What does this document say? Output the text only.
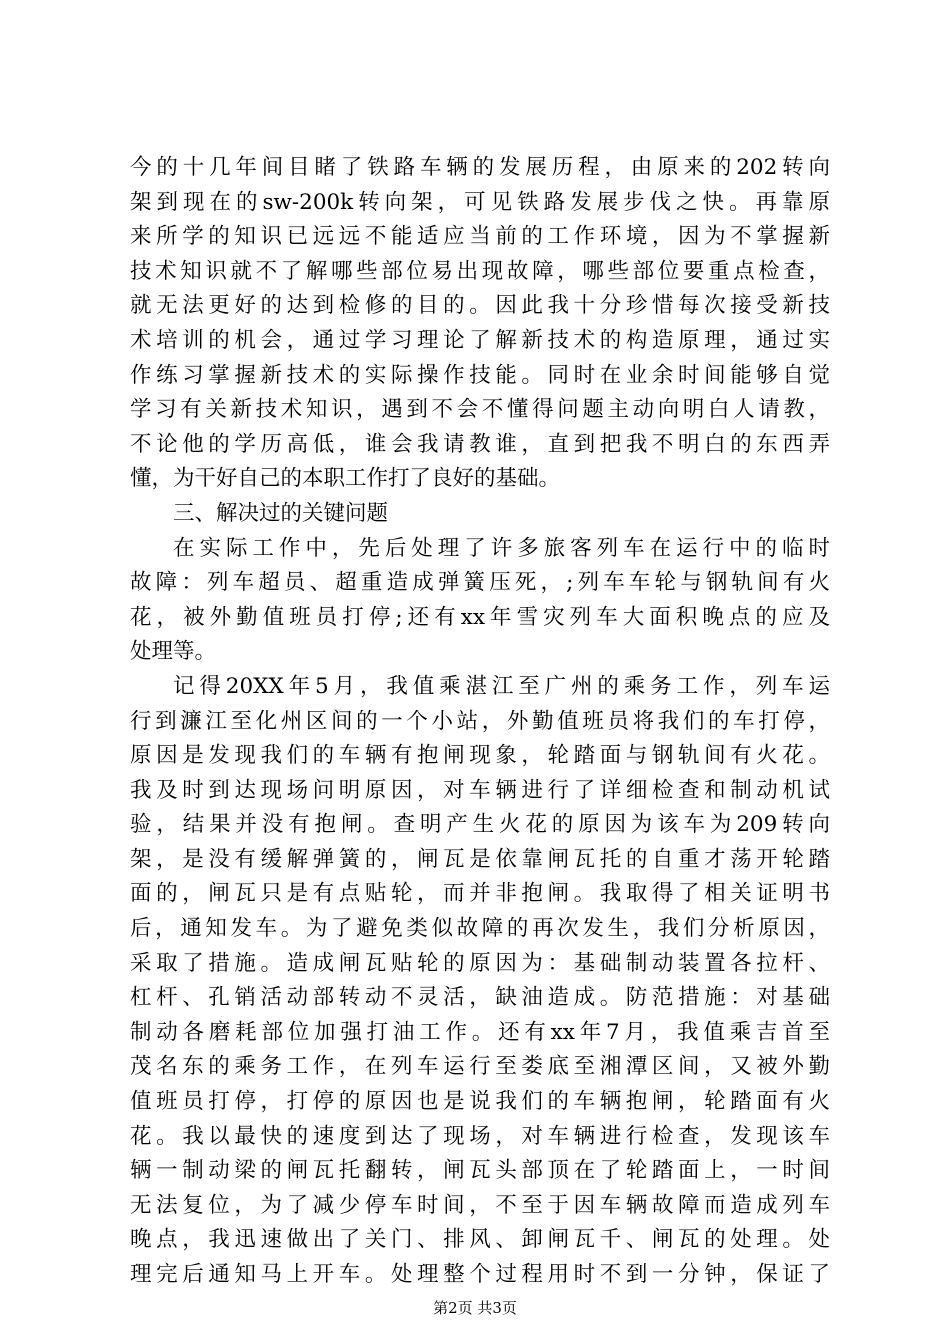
今的十几年间目睹了铁路车辆的发展历程，由原来的202转向
架到现在的sw-200k转向架，可见铁路发展步伐之快。再靠原
来所学的知识已远远不能适应当前的工作环境，因为不掌握新
技术知识就不了解哪些部位易出现故障，哪些部位要重点检查，
就无法更好的达到检修的目的。因此我十分珍惜每次接受新技
术培训的机会，通过学习理论了解新技术的构造原理，通过实
作练习掌握新技术的实际操作技能。同时在业余时间能够自觉
学习有关新技术知识，遇到不会不懂得问题主动向明白人请教，
不论他的学历高低，谁会我请教谁，直到把我不明白的东西弄
懂，为干好自己的本职工作打了良好的基础。
三、解决过的关键问题
在实际工作中，先后处理了许多旅客列车在运行中的临时
故障：列车超员、超重造成弹簧压死，;列车车轮与钢轨间有火
花，被外勤值班员打停;还有xx年雪灾列车大面积晚点的应及
处理等。
记得20XX年5月，我值乘湛江至广州的乘务工作，列车运
行到濂江至化州区间的一个小站，外勤值班员将我们的车打停，
原因是发现我们的车辆有抱闸现象，轮踏面与钢轨间有火花。
我及时到达现场问明原因，对车辆进行了详细检查和制动机试
验，结果并没有抱闸。查明产生火花的原因为该车为209转向
架，是没有缓解弹簧的，闸瓦是依靠闸瓦托的自重才荡开轮踏
面的，闸瓦只是有点贴轮，而并非抱闸。我取得了相关证明书
后，通知发车。为了避免类似故障的再次发生，我们分析原因，
采取了措施。造成闸瓦贴轮的原因为：基础制动装置各拉杆、
杠杆、孔销活动部转动不灵活，缺油造成。防范措施：对基础
制动各磨耗部位加强打油工作。还有xx年7月，我值乘吉首至
茂名东的乘务工作，在列车运行至娄底至湘潭区间，又被外勤
值班员打停，打停的原因也是说我们的车辆抱闸，轮踏面有火
花。我以最快的速度到达了现场，对车辆进行检查，发现该车
辆一制动梁的闸瓦托翻转，闸瓦头部顶在了轮踏面上，一时间
无法复位，为了减少停车时间，不至于因车辆故障而造成列车
晚点，我迅速做出了关门、排风、卸闸瓦千、闸瓦的处理。处
理完后通知马上开车。处理整个过程用时不到一分钟，保证了
第2页 共3页
